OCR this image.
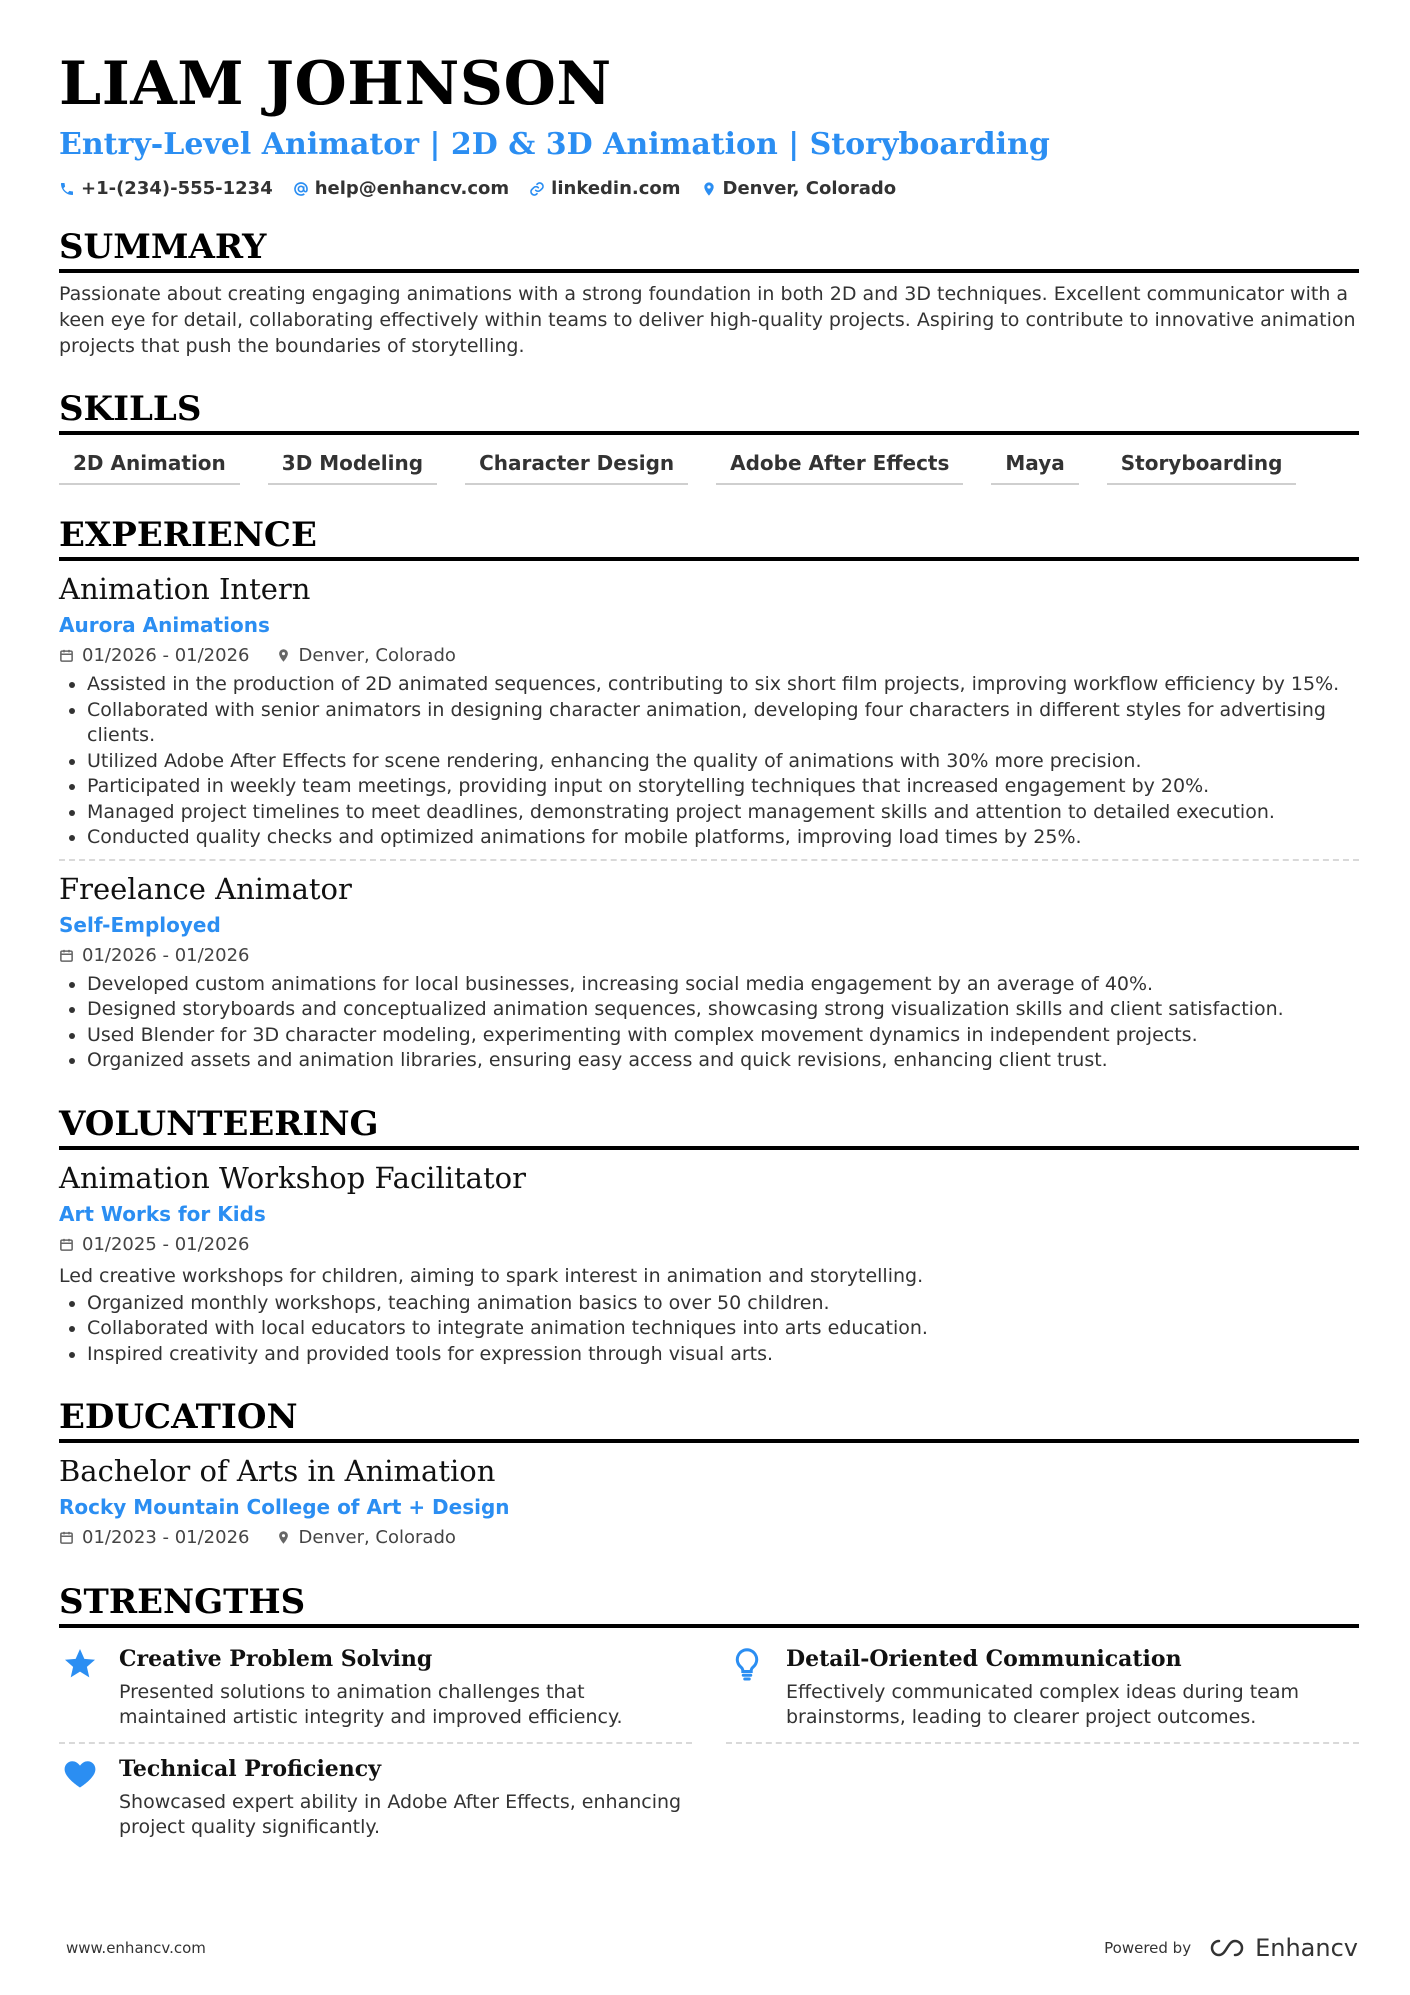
LIAM JOHNSON
Entry-Level Animator | 2D & 3D Animation | Storyboarding
+1-(234)-555-1234 help@enhancv.com linkedin.com Denver, Colorado
SUMMARY
Passionate about creating engaging animations with a strong foundation in both 2D and 3D techniques. Excellent communicator with a keen eye for detail, collaborating effectively within teams to deliver high-quality projects. Aspiring to contribute to innovative animation projects that push the boundaries of storytelling.
SKILLS
2D Animation	3D Modeling	Character Design	Adobe After Effects	Maya	Storyboarding
EXPERIENCE
Animation Intern
Aurora Animations
01/2026 - 01/2026	Denver, Colorado
• Assisted in the production of 2D animated sequences, contributing to six short film projects, improving workflow efficiency by 15%.
• Collaborated with senior animators in designing character animation, developing four characters in different styles for advertising clients.
• Utilized Adobe After Effects for scene rendering, enhancing the quality of animations with 30% more precision.
• Participated in weekly team meetings, providing input on storytelling techniques that increased engagement by 20%.
• Managed project timelines to meet deadlines, demonstrating project management skills and attention to detailed execution.
• Conducted quality checks and optimized animations for mobile platforms, improving load times by 25%.
Freelance Animator
Self-Employed
01/2026 - 01/2026
• Developed custom animations for local businesses, increasing social media engagement by an average of 40%.
• Designed storyboards and conceptualized animation sequences, showcasing strong visualization skills and client satisfaction.
• Used Blender for 3D character modeling, experimenting with complex movement dynamics in independent projects.
• Organized assets and animation libraries, ensuring easy access and quick revisions, enhancing client trust.
VOLUNTEERING
Animation Workshop Facilitator
Art Works for Kids
01/2025 - 01/2026
Led creative workshops for children, aiming to spark interest in animation and storytelling.
• Organized monthly workshops, teaching animation basics to over 50 children.
• Collaborated with local educators to integrate animation techniques into arts education.
• Inspired creativity and provided tools for expression through visual arts.
EDUCATION
Bachelor of Arts in Animation
Rocky Mountain College of Art + Design
01/2023 - 01/2026	Denver, Colorado
STRENGTHS
Creative Problem Solving
Presented solutions to animation challenges that maintained artistic integrity and improved efficiency.
Detail-Oriented Communication
Effectively communicated complex ideas during team brainstorms, leading to clearer project outcomes.
Technical Proficiency
Showcased expert ability in Adobe After Effects, enhancing project quality significantly.
www.enhancv.com	Powered by	Enhancv
